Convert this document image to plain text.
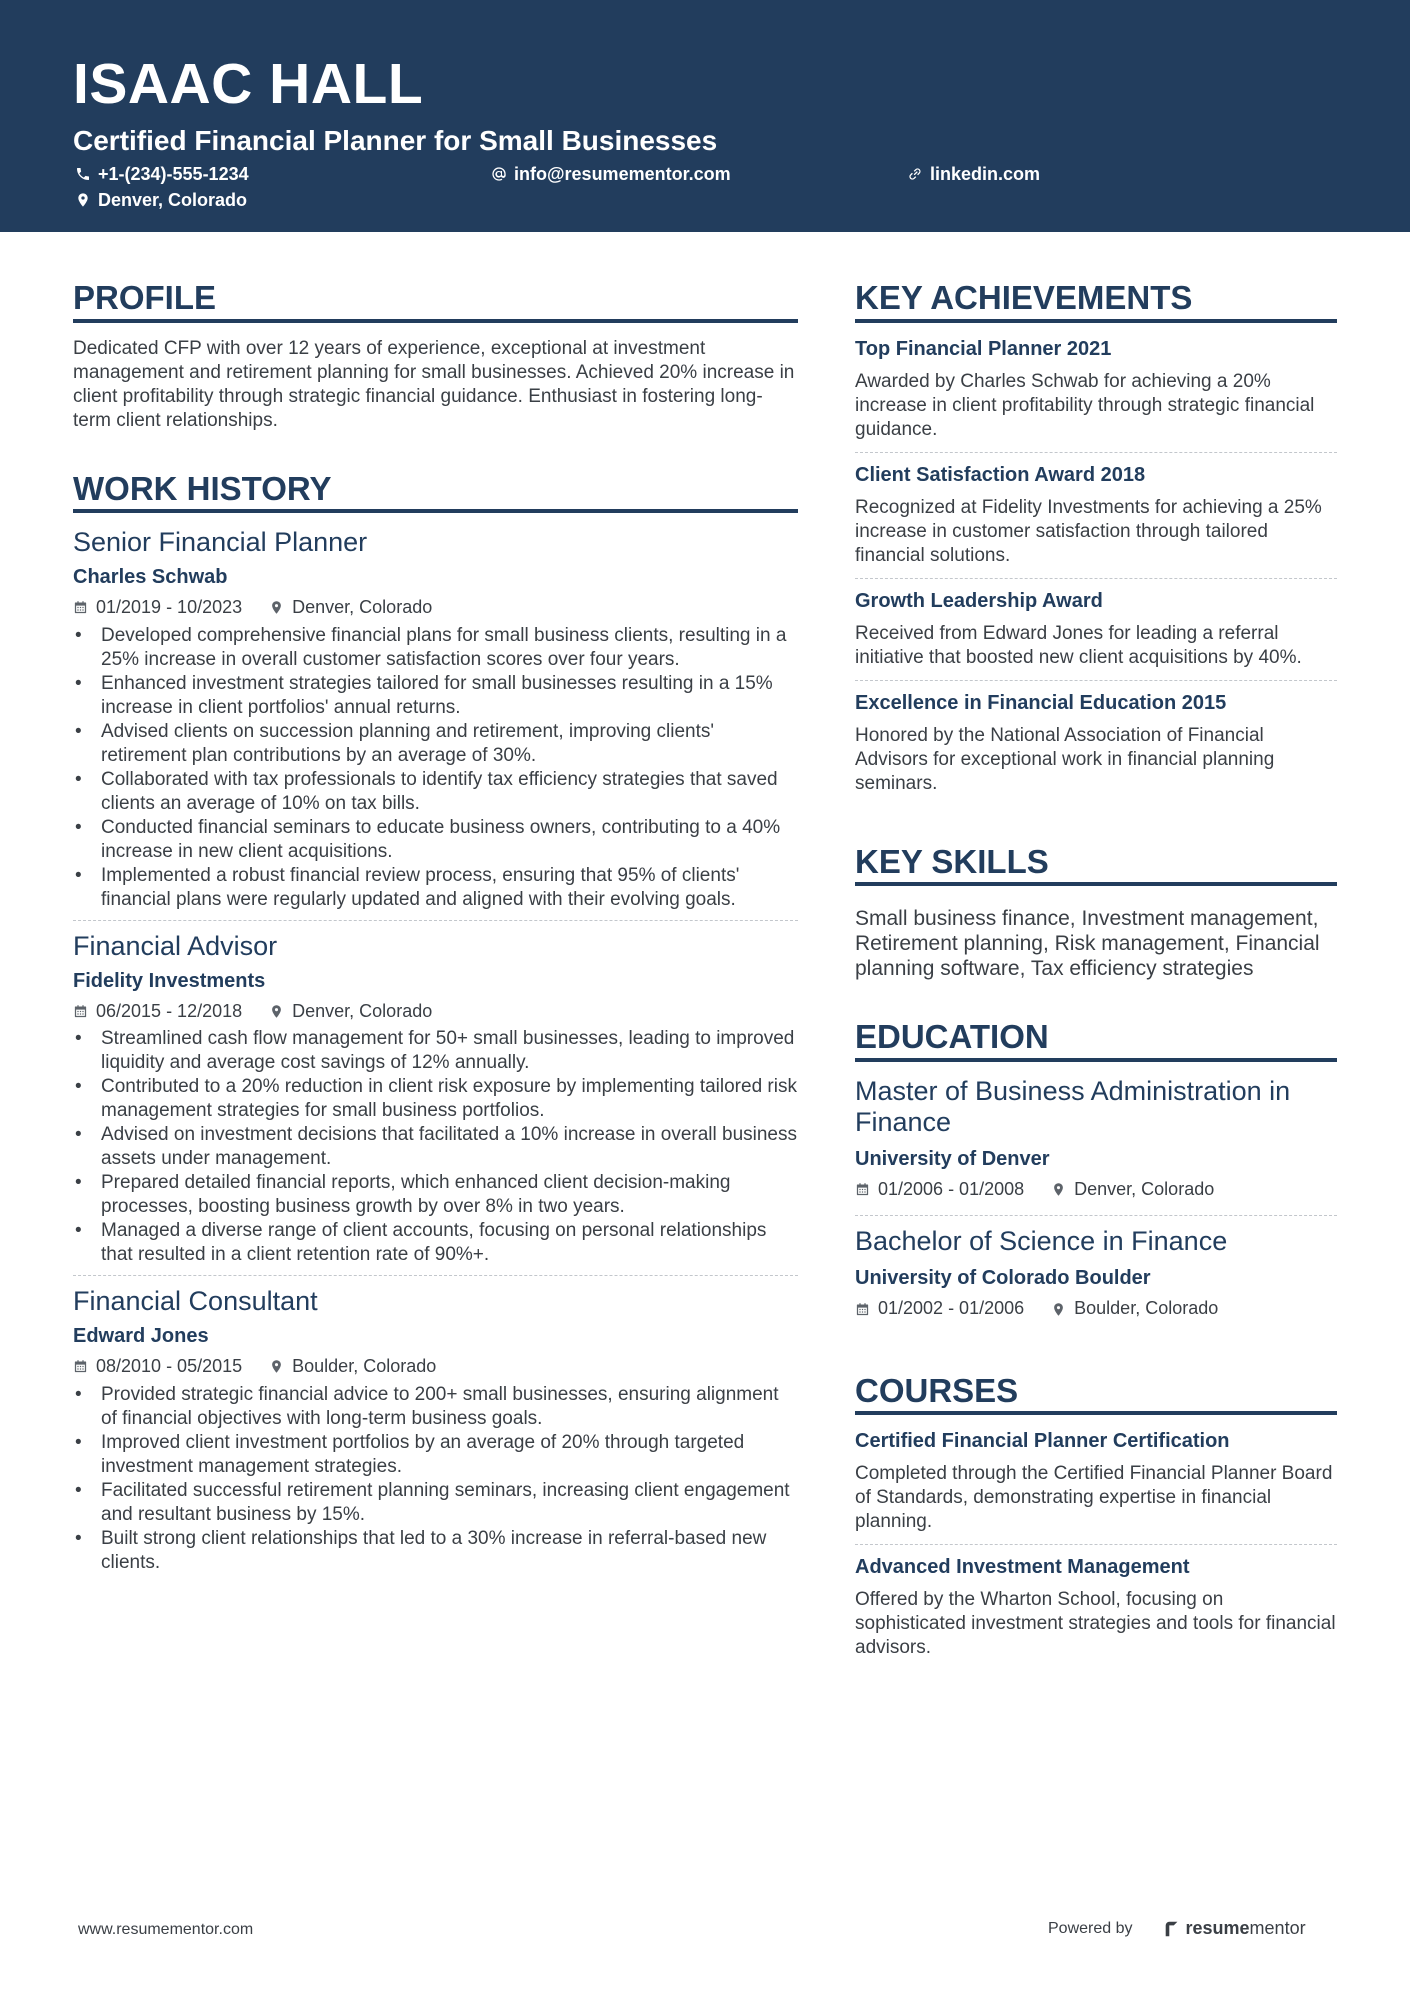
ISAAC HALL
Certified Financial Planner for Small Businesses
+1-(234)-555-1234	info@resumementor.com	linkedin.com
Denver, Colorado
PROFILE

Dedicated CFP with over 12 years of experience, exceptional at investment management and retirement planning for small businesses. Achieved 20% increase in client profitability through strategic financial guidance. Enthusiast in fostering long-term client relationships.

WORK HISTORY
Senior Financial Planner
Charles Schwab
01/2019 - 10/2023	Denver, Colorado
• Developed comprehensive financial plans for small business clients, resulting in a 25% increase in overall customer satisfaction scores over four years.
• Enhanced investment strategies tailored for small businesses resulting in a 15% increase in client portfolios' annual returns.
• Advised clients on succession planning and retirement, improving clients' retirement plan contributions by an average of 30%.
• Collaborated with tax professionals to identify tax efficiency strategies that saved clients an average of 10% on tax bills.
• Conducted financial seminars to educate business owners, contributing to a 40% increase in new client acquisitions.
• Implemented a robust financial review process, ensuring that 95% of clients' financial plans were regularly updated and aligned with their evolving goals.
Financial Advisor
Fidelity Investments
06/2015 - 12/2018	Denver, Colorado
• Streamlined cash flow management for 50+ small businesses, leading to improved liquidity and average cost savings of 12% annually.
• Contributed to a 20% reduction in client risk exposure by implementing tailored risk management strategies for small business portfolios.
• Advised on investment decisions that facilitated a 10% increase in overall business assets under management.
• Prepared detailed financial reports, which enhanced client decision-making processes, boosting business growth by over 8% in two years.
• Managed a diverse range of client accounts, focusing on personal relationships that resulted in a client retention rate of 90%+.
Financial Consultant
Edward Jones
08/2010 - 05/2015	Boulder, Colorado
• Provided strategic financial advice to 200+ small businesses, ensuring alignment of financial objectives with long-term business goals.
• Improved client investment portfolios by an average of 20% through targeted investment management strategies.
• Facilitated successful retirement planning seminars, increasing client engagement and resultant business by 15%.
• Built strong client relationships that led to a 30% increase in referral-based new clients.
KEY ACHIEVEMENTS
Top Financial Planner 2021

Awarded by Charles Schwab for achieving a 20% increase in client profitability through strategic financial guidance.

Client Satisfaction Award 2018

Recognized at Fidelity Investments for achieving a 25% increase in customer satisfaction through tailored financial solutions.

Growth Leadership Award

Received from Edward Jones for leading a referral initiative that boosted new client acquisitions by 40%.

Excellence in Financial Education 2015

Honored by the National Association of Financial Advisors for exceptional work in financial planning seminars.

KEY SKILLS

Small business finance, Investment management, Retirement planning, Risk management, Financial planning software, Tax efficiency strategies

EDUCATION
Master of Business Administration in Finance
University of Denver
01/2006 - 01/2008	Denver, Colorado
Bachelor of Science in Finance
University of Colorado Boulder
01/2002 - 01/2006	Boulder, Colorado
COURSES
Certified Financial Planner Certification

Completed through the Certified Financial Planner Board of Standards, demonstrating expertise in financial planning.

Advanced Investment Management

Offered by the Wharton School, focusing on sophisticated investment strategies and tools for financial advisors.

www.resumementor.com	Powered by	resumementor
